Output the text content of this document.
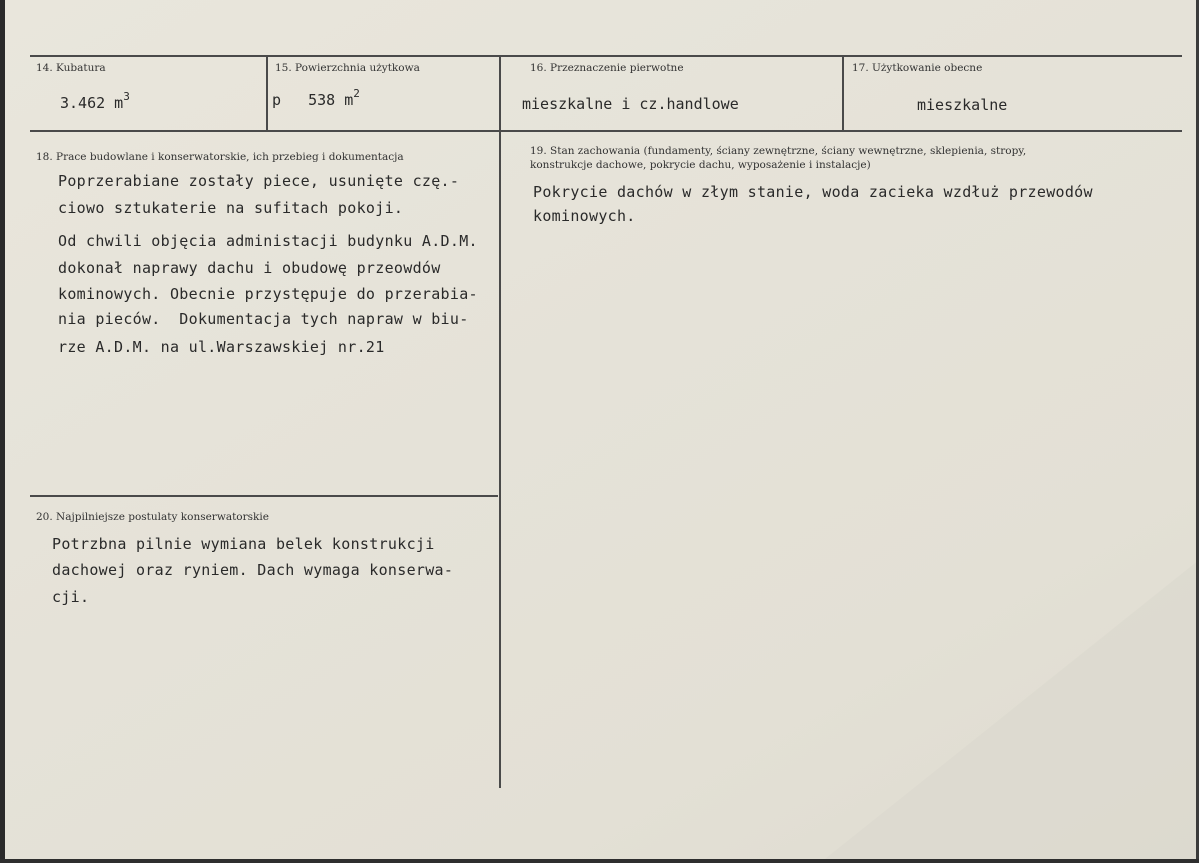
14. Kubatura
3.462 $m^3$
15. Powierzchnia użytkowa
p   538 $m^2$
16. Przeznaczenie pierwotne
mieszkalne i cz.handlowe
17. Użytkowanie obecne
mieszkalne
18. Prace budowlane i konserwatorskie, ich przebieg i dokumentacja
Poprzerabiane zostały piece, usunięte czę.-
ciowo sztukaterie na sufitach pokoji.
Od chwili objęcia administacji budynku A.D.M.
dokonał naprawy dachu i obudowę przeowdów
kominowych. Obecnie przystępuje do przerabia-
nia pieców.  Dokumentacja tych napraw w biu-
rze A.D.M. na ul.Warszawskiej nr.21
19. Stan zachowania (fundamenty, ściany zewnętrzne, ściany wewnętrzne, sklepienia, stropy, konstrukcje dachowe, pokrycie dachu, wyposażenie i instalacje)
Pokrycie dachów w złym stanie, woda zacieka wzdłuż przewodów
kominowych.
20. Najpilniejsze postulaty konserwatorskie
Potrzbna pilnie wymiana belek konstrukcji
dachowej oraz ryniem. Dach wymaga konserwa-
cji.
